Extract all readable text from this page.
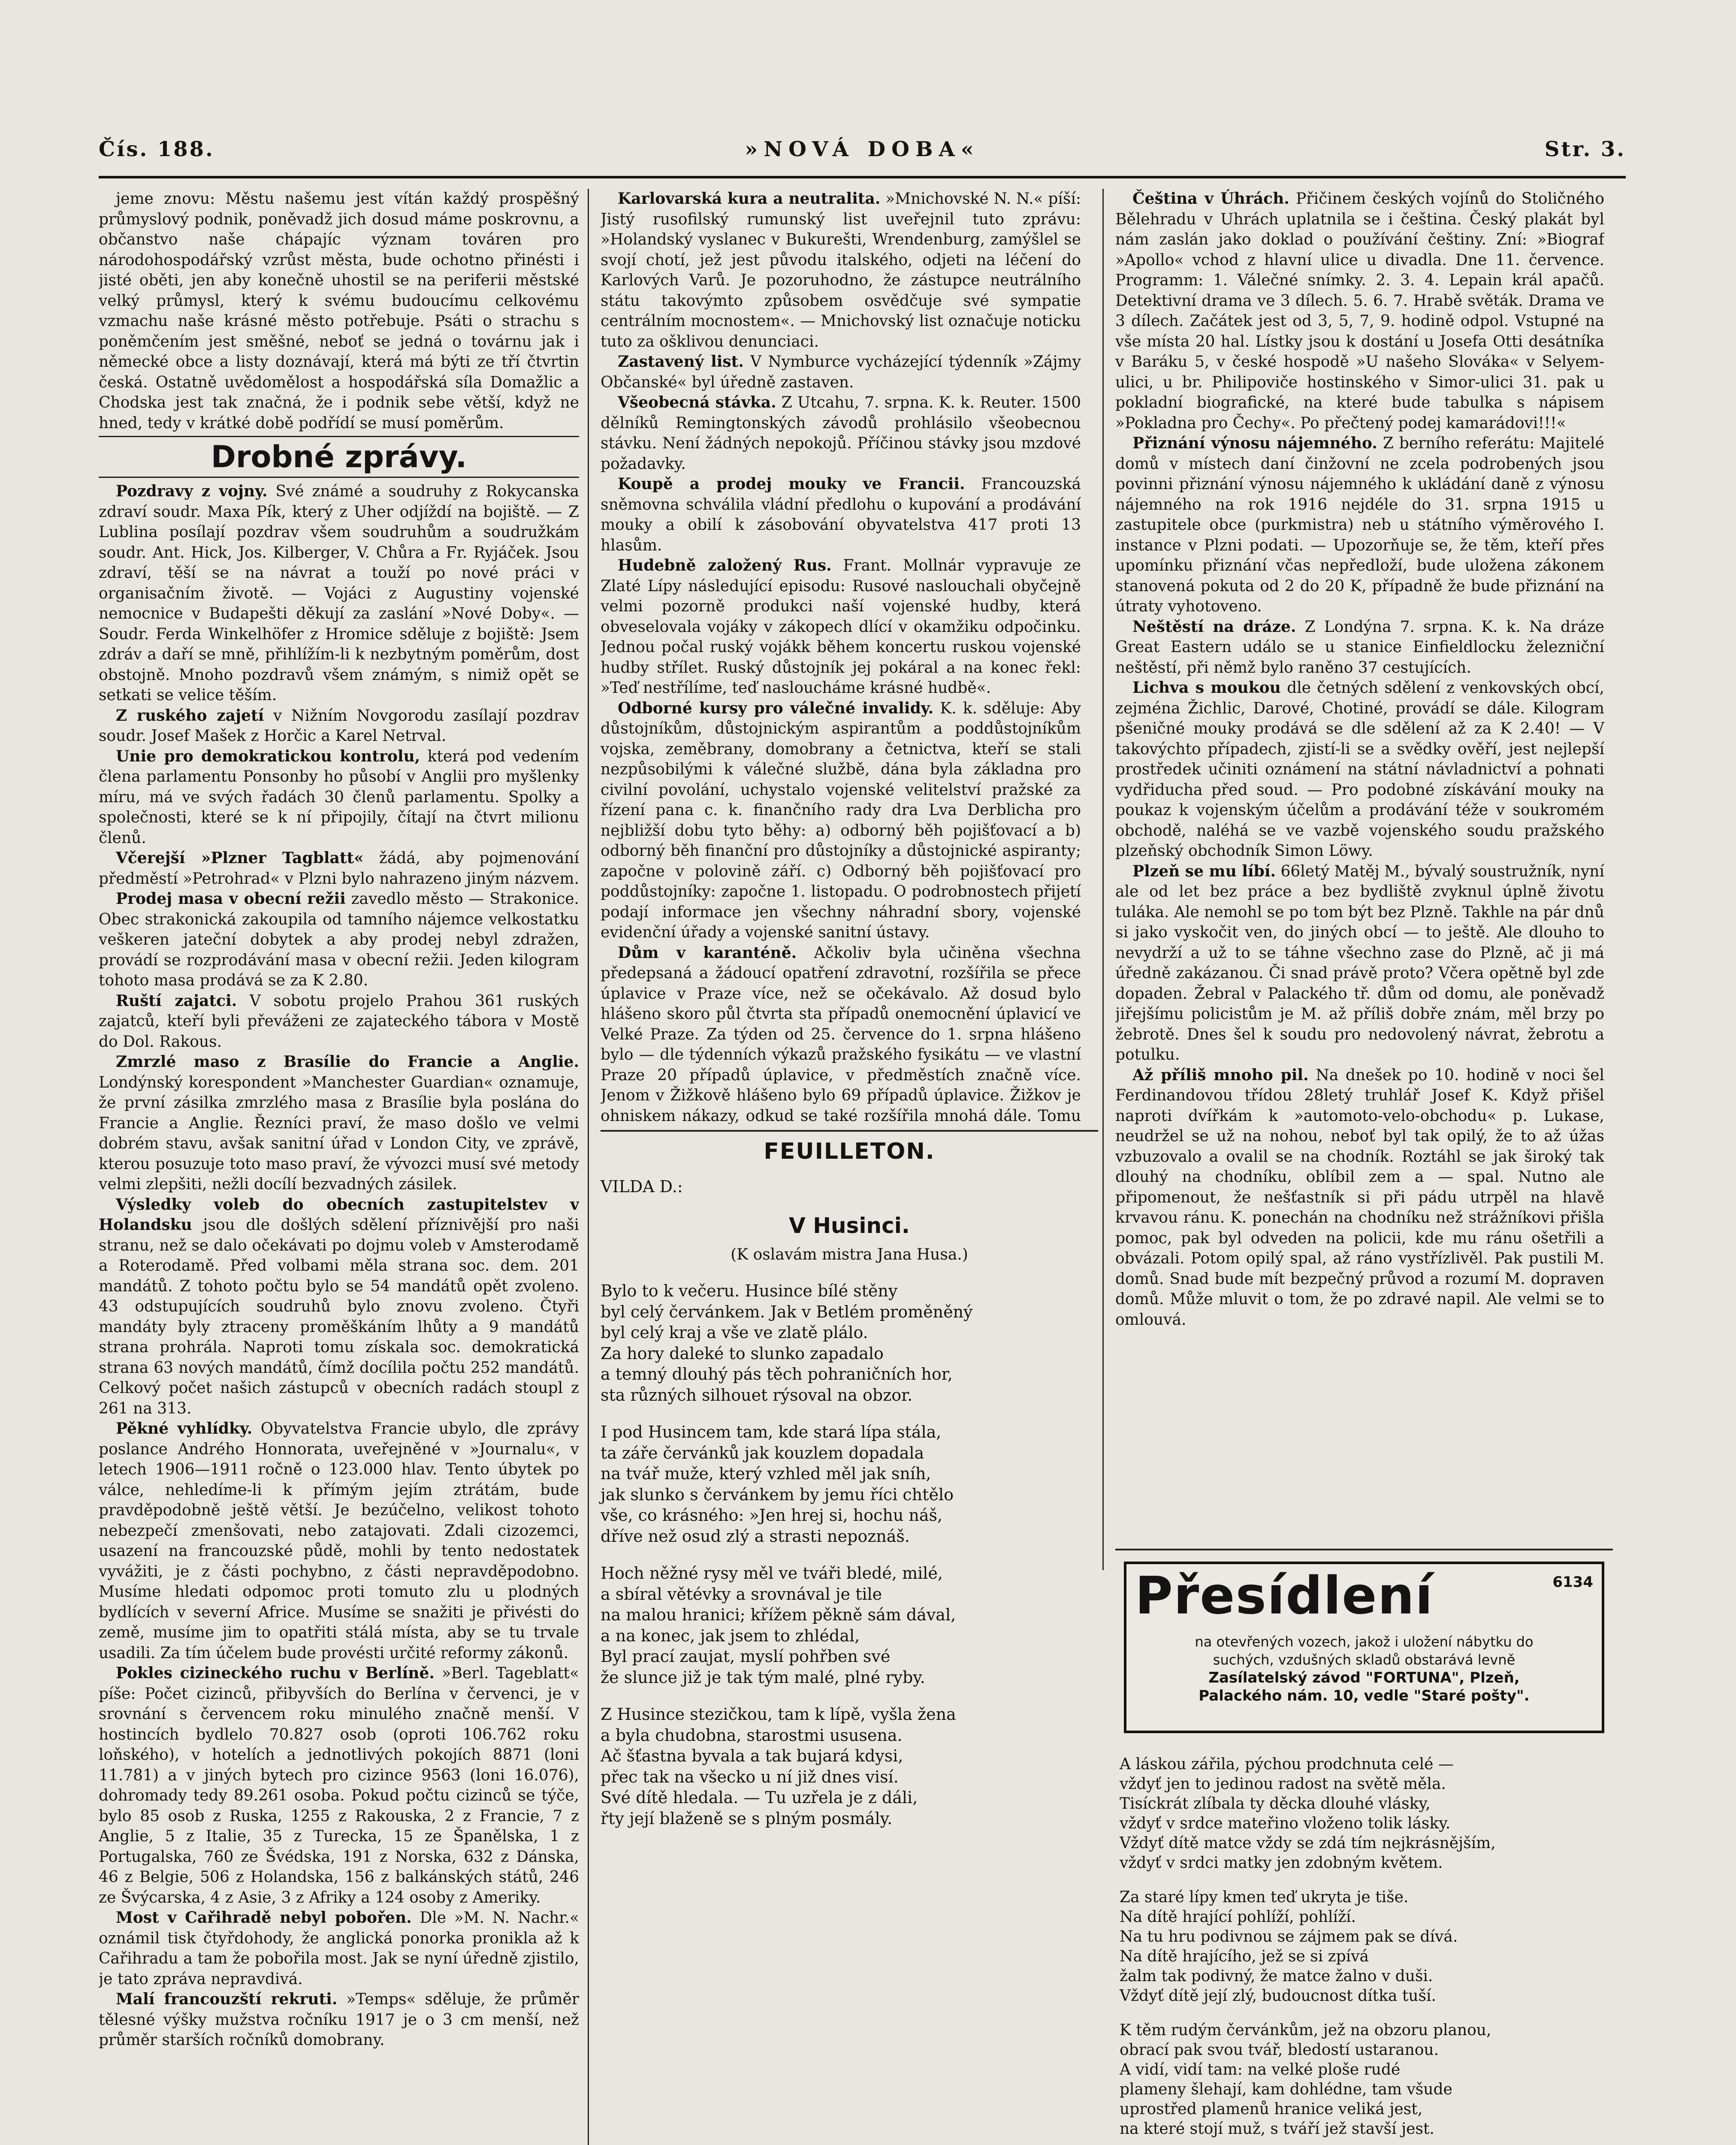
Čís. 188.	»NOVÁ DOBA«	Str. 3.

jeme znovu: Městu našemu jest vítán každý prospěšný průmyslový podnik, poněvadž jich dosud máme poskrovnu, a občanstvo naše chápajíc význam továren pro národohospodářský vzrůst města, bude ochotno přinésti i jisté oběti, jen aby konečně uhostil se na periferii městské velký průmysl, který k svému budoucímu celkovému vzmachu naše krásné město potřebuje. Psáti o strachu s poněmčením jest směšné, neboť se jedná o továrnu jak i německé obce a listy doznávají, která má býti ze tří čtvrtin česká. Ostatně uvědomělost a hospodářská síla Domažlic a Chodska jest tak značná, že i podnik sebe větší, když ne hned, tedy v krátké době podřídí se musí poměrům.

Drobné zprávy.

Pozdravy z vojny. Své známé a soudruhy z Rokycanska zdraví soudr. Maxa Pík, který z Uher odjíždí na bojiště. — Z Lublina posílají pozdrav všem soudruhům a soudružkám soudr. Ant. Hick, Jos. Kilberger, V. Chůra a Fr. Ryjáček. Jsou zdraví, těší se na návrat a touží po nové práci v organisačním životě. — Vojáci z Augustiny vojenské nemocnice v Budapešti děkují za zaslání »Nové Doby«. — Soudr. Ferda Winkelhöfer z Hromice sděluje z bojiště: Jsem zdráv a daří se mně, přihlížím-li k nezbytným poměrům, dost obstojně. Mnoho pozdravů všem známým, s nimiž opět se setkati se velice těším.

Z ruského zajetí v Nižním Novgorodu zasílají pozdrav soudr. Josef Mašek z Horčic a Karel Netrval.

Unie pro demokratickou kontrolu, která pod vedením člena parlamentu Ponsonby ho působí v Anglii pro myšlenky míru, má ve svých řadách 30 členů parlamentu. Spolky a společnosti, které se k ní připojily, čítají na čtvrt milionu členů.

Včerejší »Plzner Tagblatt« žádá, aby pojmenování předměstí »Petrohrad« v Plzni bylo nahrazeno jiným názvem.

Prodej masa v obecní režii zavedlo město — Strakonice. Obec strakonická zakoupila od tamního nájemce velkostatku veškeren jateční dobytek a aby prodej nebyl zdražen, provádí se rozprodávání masa v obecní režii. Jeden kilogram tohoto masa prodává se za K 2.80.

Ruští zajatci. V sobotu projelo Prahou 361 ruských zajatců, kteří byli převáženi ze zajateckého tábora v Mostě do Dol. Rakous.

Zmrzlé maso z Brasílie do Francie a Anglie. Londýnský korespondent »Manchester Guardian« oznamuje, že první zásilka zmrzlého masa z Brasílie byla poslána do Francie a Anglie. Řezníci praví, že maso došlo ve velmi dobrém stavu, avšak sanitní úřad v London City, ve zprávě, kterou posuzuje toto maso praví, že vývozci musí své metody velmi zlepšiti, nežli docílí bezvadných zásilek.

Výsledky voleb do obecních zastupitelstev v Holandsku jsou dle došlých sdělení příznivější pro naši stranu, než se dalo očekávati po dojmu voleb v Amsterodamě a Roterodamě. Před volbami měla strana soc. dem. 201 mandátů. Z tohoto počtu bylo se 54 mandátů opět zvoleno. 43 odstupujících soudruhů bylo znovu zvoleno. Čtyři mandáty byly ztraceny proměškáním lhůty a 9 mandátů strana prohrála. Naproti tomu získala soc. demokratická strana 63 nových mandátů, čímž docílila počtu 252 mandátů. Celkový počet našich zástupců v obecních radách stoupl z 261 na 313.

Pěkné vyhlídky. Obyvatelstva Francie ubylo, dle zprávy poslance Andrého Honnorata, uveřejněné v »Journalu«, v letech 1906—1911 ročně o 123.000 hlav. Tento úbytek po válce, nehledíme-li k přímým jejím ztrátám, bude pravděpodobně ještě větší. Je bezúčelno, velikost tohoto nebezpečí zmenšovati, nebo zatajovati. Zdali cizozemci, usazení na francouzské půdě, mohli by tento nedostatek vyvážiti, je z části pochybno, z části nepravděpodobno. Musíme hledati odpomoc proti tomuto zlu u plodných bydlících v severní Africe. Musíme se snažiti je přivésti do země, musíme jim to opatřiti stálá místa, aby se tu trvale usadili. Za tím účelem bude provésti určité reformy zákonů.

Pokles cizineckého ruchu v Berlíně. »Berl. Tageblatt« píše: Počet cizinců, přibyvších do Berlína v červenci, je v srovnání s červencem roku minulého značně menší. V hostincích bydlelo 70.827 osob (oproti 106.762 roku loňského), v hotelích a jednotlivých pokojích 8871 (loni 11.781) a v jiných bytech pro cizince 9563 (loni 16.076), dohromady tedy 89.261 osoba. Pokud počtu cizinců se týče, bylo 85 osob z Ruska, 1255 z Rakouska, 2 z Francie, 7 z Anglie, 5 z Italie, 35 z Turecka, 15 ze Španělska, 1 z Portugalska, 760 ze Švédska, 191 z Norska, 632 z Dánska, 46 z Belgie, 506 z Holandska, 156 z balkánských států, 246 ze Švýcarska, 4 z Asie, 3 z Afriky a 124 osoby z Ameriky.

Most v Cařihradě nebyl pobořen. Dle »M. N. Nachr.« oznámil tisk čtyřdohody, že anglická ponorka pronikla až k Cařihradu a tam že pobořila most. Jak se nyní úředně zjistilo, je tato zpráva nepravdivá.

Malí francouzští rekruti. »Temps« sděluje, že průměr tělesné výšky mužstva ročníku 1917 je o 3 cm menší, než průměr starších ročníků domobrany.

Karlovarská kura a neutralita. »Mnichovské N. N.« píší: Jistý rusofilský rumunský list uveřejnil tuto zprávu: »Holandský vyslanec v Bukurešti, Wrendenburg, zamýšlel se svojí chotí, jež jest původu italského, odjeti na léčení do Karlových Varů. Je pozoruhodno, že zástupce neutrálního státu takovýmto způsobem osvědčuje své sympatie centrálním mocnostem«. — Mnichovský list označuje noticku tuto za ošklivou denunciaci.

Zastavený list. V Nymburce vycházející týdenník »Zájmy Občanské« byl úředně zastaven.

Všeobecná stávka. Z Utcahu, 7. srpna. K. k. Reuter. 1500 dělníků Remingtonských závodů prohlásilo všeobecnou stávku. Není žádných nepokojů. Příčinou stávky jsou mzdové požadavky.

Koupě a prodej mouky ve Francii. Francouzská sněmovna schválila vládní předlohu o kupování a prodávání mouky a obilí k zásobování obyvatelstva 417 proti 13 hlasům.

Hudebně založený Rus. Frant. Mollnár vypravuje ze Zlaté Lípy následující episodu: Rusové naslouchali obyčejně velmi pozorně produkci naší vojenské hudby, která obveselovala vojáky v zákopech dlící v okamžiku odpočinku. Jednou počal ruský vojákk během koncertu ruskou vojenské hudby střílet. Ruský důstojník jej pokáral a na konec řekl: »Teď nestřílíme, teď nasloucháme krásné hudbě«.

Odborné kursy pro válečné invalidy. K. k. sděluje: Aby důstojníkům, důstojnickým aspirantům a poddůstojníkům vojska, zeměbrany, domobrany a četnictva, kteří se stali nezpůsobilými k válečné službě, dána byla základna pro civilní povolání, uchystalo vojenské velitelství pražské za řízení pana c. k. finančního rady dra Lva Derblicha pro nejbližší dobu tyto běhy: a) odborný běh pojišťovací a b) odborný běh finanční pro důstojníky a důstojnické aspiranty; započne v polovině září. c) Odborný běh pojišťovací pro poddůstojníky: započne 1. listopadu. O podrobnostech přijetí podají informace jen všechny náhradní sbory, vojenské evidenční úřady a vojenské sanitní ústavy.

Dům v karanténě. Ačkoliv byla učiněna všechna předepsaná a žádoucí opatření zdravotní, rozšířila se přece úplavice v Praze více, než se očekávalo. Až dosud bylo hlášeno skoro půl čtvrta sta případů onemocnění úplavicí ve Velké Praze. Za týden od 25. července do 1. srpna hlášeno bylo — dle týdenních výkazů pražského fysikátu — ve vlastní Praze 20 případů úplavice, v předměstích značně více. Jenom v Žižkově hlášeno bylo 69 případů úplavice. Žižkov je ohniskem nákazy, odkud se také rozšířila mnohá dále. Tomu

FEUILLETON.
VILDA D.:
V Husinci.
(K oslavám mistra Jana Husa.)
Bylo to k večeru. Husince bílé stěny
byl celý červánkem. Jak v Betlém proměněný
byl celý kraj a vše ve zlatě plálo.
Za hory daleké to slunko zapadalo
a temný dlouhý pás těch pohraničních hor,
sta různých silhouet rýsoval na obzor.
I pod Husincem tam, kde stará lípa stála,
ta záře červánků jak kouzlem dopadala
na tvář muže, který vzhled měl jak sníh,
jak slunko s červánkem by jemu říci chtělo
vše, co krásného: »Jen hrej si, hochu náš,
dříve než osud zlý a strasti nepoznáš.
Hoch něžné rysy měl ve tváři bledé, milé,
a sbíral větévky a srovnával je tile
na malou hranici; křížem pěkně sám dával,
a na konec, jak jsem to zhlédal,
Byl prací zaujat, myslí pohřben své
že slunce již je tak tým malé, plné ryby.
Z Husince stezičkou, tam k lípě, vyšla žena
a byla chudobna, starostmi ususena.
Ač šťastna byvala a tak bujará kdysi,
přec tak na všecko u ní již dnes visí.
Své dítě hledala. — Tu uzřela je z dáli,
řty její blaženě se s plným posmály.

Čeština v Úhrách. Přičinem českých vojínů do Stoličného Bělehradu v Uhrách uplatnila se i čeština. Český plakát byl nám zaslán jako doklad o používání češtiny. Zní: »Biograf »Apollo« vchod z hlavní ulice u divadla. Dne 11. července. Programm: 1. Válečné snímky. 2. 3. 4. Lepain král apačů. Detektivní drama ve 3 dílech. 5. 6. 7. Hrabě světák. Drama ve 3 dílech. Začátek jest od 3, 5, 7, 9. hodině odpol. Vstupné na vše místa 20 hal. Lístky jsou k dostání u Josefa Otti desátníka v Baráku 5, v české hospodě »U našeho Slováka« v Selyem-ulici, u br. Philipoviče hostinského v Simor-ulici 31. pak u pokladní biografické, na které bude tabulka s nápisem »Pokladna pro Čechy«. Po přečtený podej kamarádovi!!!«

Přiznání výnosu nájemného. Z berního referátu: Majitelé domů v místech daní činžovní ne zcela podrobených jsou povinni přiznání výnosu nájemného k ukládání daně z výnosu nájemného na rok 1916 nejdéle do 31. srpna 1915 u zastupitele obce (purkmistra) neb u státního výměrového I. instance v Plzni podati. — Upozorňuje se, že těm, kteří přes upomínku přiznání včas nepředloží, bude uložena zákonem stanovená pokuta od 2 do 20 K, případně že bude přiznání na útraty vyhotoveno.

Neštěstí na dráze. Z Londýna 7. srpna. K. k. Na dráze Great Eastern událo se u stanice Einfieldlocku železniční neštěstí, při němž bylo raněno 37 cestujících.

Lichva s moukou dle četných sdělení z venkovských obcí, zejména Žichlic, Darové, Chotiné, provádí se dále. Kilogram pšeničné mouky prodává se dle sdělení až za K 2.40! — V takovýchto případech, zjistí-li se a svědky ověří, jest nejlepší prostředek učiniti oznámení na státní návladnictví a pohnati vydřiducha před soud. — Pro podobné získávání mouky na poukaz k vojenským účelům a prodávání téže v soukromém obchodě, naléhá se ve vazbě vojenského soudu pražského plzeňský obchodník Simon Löwy.

Plzeň se mu líbí. 66letý Matěj M., bývalý soustružník, nyní ale od let bez práce a bez bydliště zvyknul úplně životu tuláka. Ale nemohl se po tom být bez Plzně. Takhle na pár dnů si jako vyskočit ven, do jiných obcí — to ještě. Ale dlouho to nevydrží a už to se táhne všechno zase do Plzně, ač ji má úředně zakázanou. Či snad právě proto? Včera opětně byl zde dopaden. Žebral v Palackého tř. dům od domu, ale poněvadž jiřejšímu policistům je M. až příliš dobře znám, měl brzy po žebrotě. Dnes šel k soudu pro nedovolený návrat, žebrotu a potulku.

Až příliš mnoho pil. Na dnešek po 10. hodině v noci šel Ferdinandovou třídou 28letý truhlář Josef K. Když přišel naproti dvířkám k »automoto-velo-obchodu« p. Lukase, neudržel se už na nohou, neboť byl tak opilý, že to až úžas vzbuzovalo a ovalil se na chodník. Roztáhl se jak široký tak dlouhý na chodníku, oblíbil zem a — spal. Nutno ale připomenout, že nešťastník si při pádu utrpěl na hlavě krvavou ránu. K. ponechán na chodníku než strážníkovi přišla pomoc, pak byl odveden na policii, kde mu ránu ošetřili a obvázali. Potom opilý spal, až ráno vystřízlivěl. Pak pustili M. domů. Snad bude mít bezpečný průvod a rozumí M. dopraven domů. Může mluvit o tom, že po zdravé napil. Ale velmi se to omlouvá.

Přesídlení	6134
na otevřených vozech, jakož i uložení nábytku do
suchých, vzdušných skladů obstarává levně
Zasílatelský závod "FORTUNA", Plzeň,
Palackého nám. 10, vedle "Staré pošty".
A láskou zářila, pýchou prodchnuta celé —
vždyť jen to jedinou radost na světě měla.
Tisíckrát zlíbala ty děcka dlouhé vlásky,
vždyť v srdce mateřino vloženo tolik lásky.
Vždyť dítě matce vždy se zdá tím nejkrásnějším,
vždyť v srdci matky jen zdobným květem.
Za staré lípy kmen teď ukryta je tiše.
Na dítě hrající pohlíží, pohlíží.
Na tu hru podivnou se zájmem pak se dívá.
Na dítě hrajícího, jež se si zpívá
žalm tak podivný, že matce žalno v duši.
Vždyť dítě její zlý, budoucnost dítka tuší.
K těm rudým červánkům, jež na obzoru planou,
obrací pak svou tvář, bledostí ustaranou.
A vidí, vidí tam: na velké ploše rudé
plameny šlehají, kam dohlédne, tam všude
uprostřed plamenů hranice veliká jest,
na které stojí muž, s tváří jež stavší jest.
